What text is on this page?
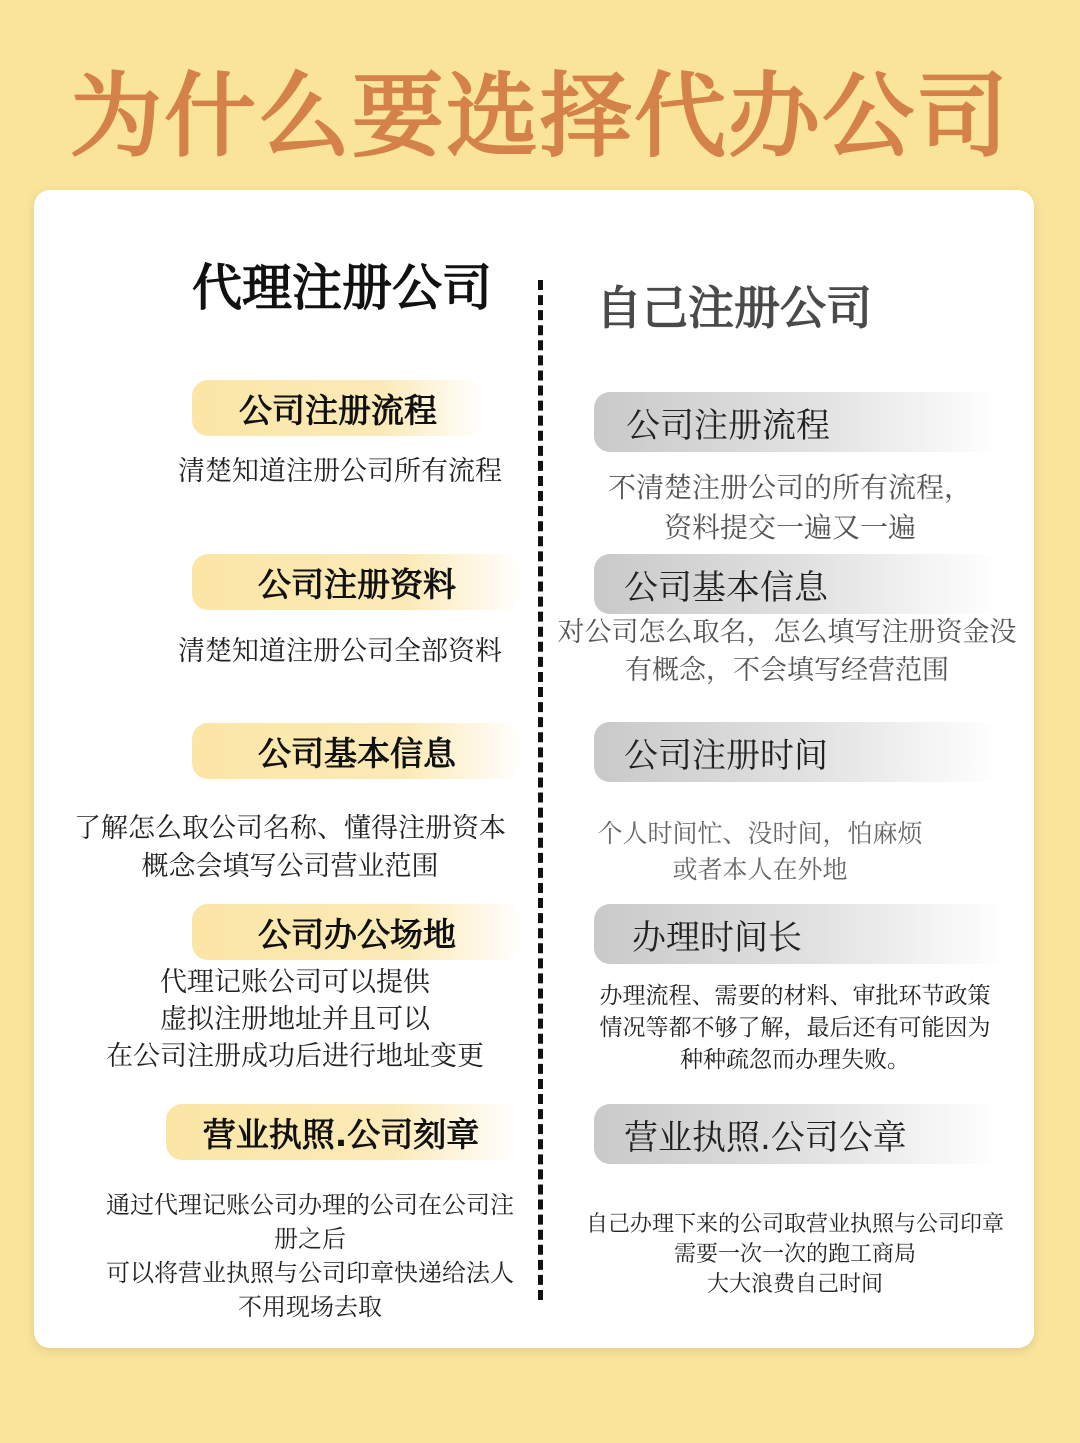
为什么要选择代办公司
代理注册公司 自己注册公司
公司注册流程
清楚知道注册公司所有流程
公司注册资料
清楚知道注册公司全部资料
公司基本信息
了解怎么取公司名称、懂得注册资本
概念会填写公司营业范围
公司办公场地
代理记账公司可以提供
虚拟注册地址并且可以
在公司注册成功后进行地址变更
营业执照.公司刻章
通过代理记账公司办理的公司在公司注
册之后
可以将营业执照与公司印章快递给法人
不用现场去取
公司注册流程
不清楚注册公司的所有流程，
资料提交一遍又一遍
公司基本信息
对公司怎么取名，怎么填写注册资金没
有概念，不会填写经营范围
公司注册时间
个人时间忙、没时间，怕麻烦
或者本人在外地
办理时间长
办理流程、需要的材料、审批环节政策
情况等都不够了解，最后还有可能因为
种种疏忽而办理失败。
营业执照.公司公章
自己办理下来的公司取营业执照与公司印章
需要一次一次的跑工商局
大大浪费自己时间
